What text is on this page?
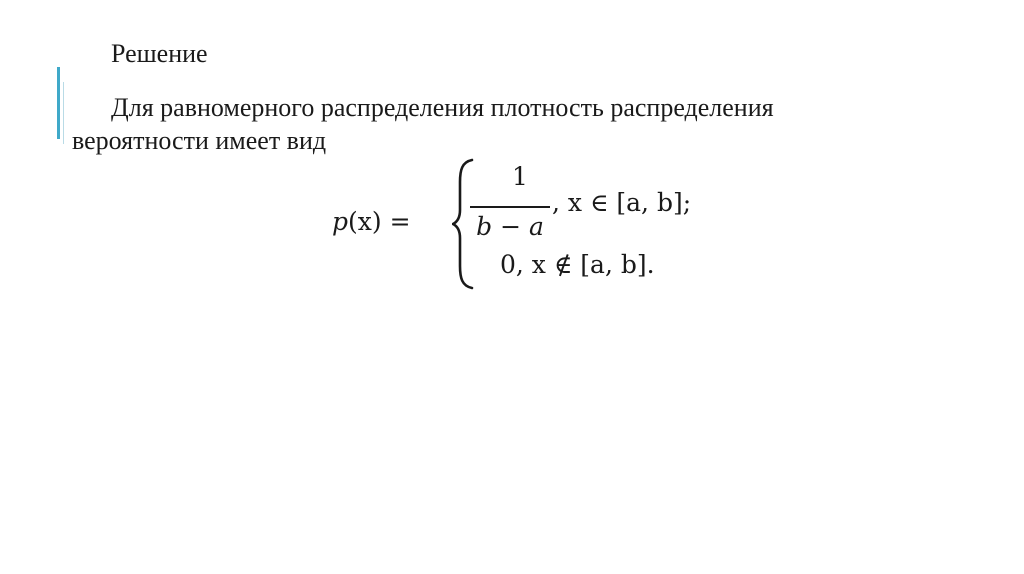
Решение
Для равномерного распределения плотность распределения
вероятности имеет вид
p(x) =
1
b − a
, x ∈ [a, b];
0, x ∉ [a, b].
